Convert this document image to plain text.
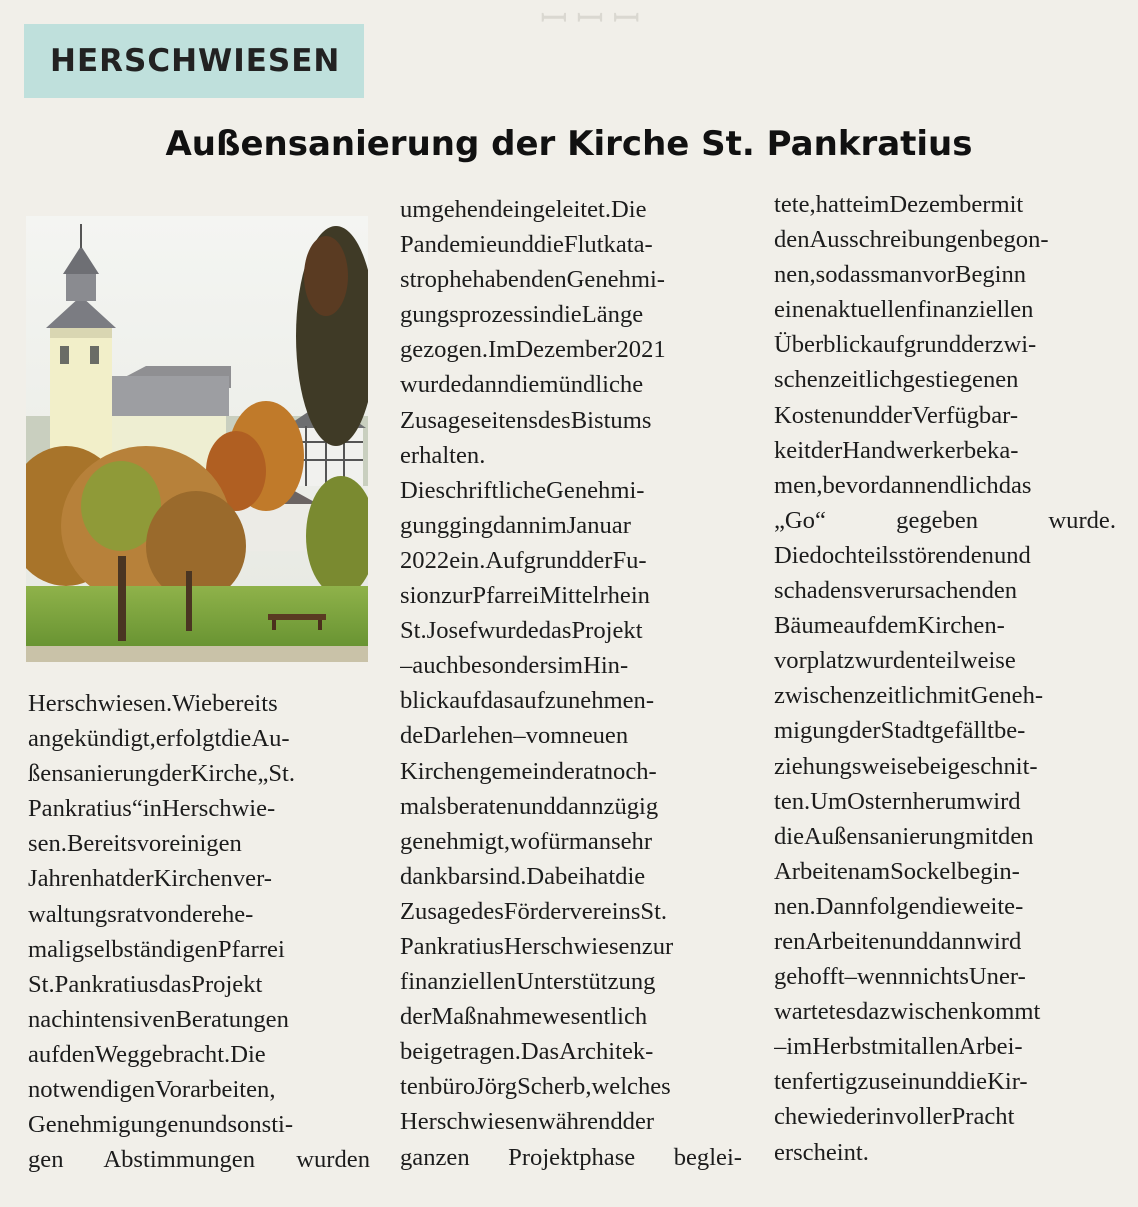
ꟷ ꟷ ꟷ
HERSCHWIESEN
Außensanierung der Kirche St. Pankratius
Herschwiesen.Wiebereits
angekündigt,erfolgtdieAu-
ßensanierungderKirche„St.
Pankratius“inHerschwie-
sen.Bereitsvoreinigen
JahrenhatderKirchenver-
waltungsratvonderehe-
maligselbständigenPfarrei
St.PankratiusdasProjekt
nachintensivenBeratungen
aufdenWeggebracht.Die
notwendigenVorarbeiten,
Genehmigungenundsonsti-
gen Abstimmungen wurden
umgehendeingeleitet.Die
PandemieunddieFlutkata-
strophehabendenGenehmi-
gungsprozessindieLänge
gezogen.ImDezember2021
wurdedanndiemündliche
ZusageseitensdesBistums
erhalten.
DieschriftlicheGenehmi-
gunggingdannimJanuar
2022ein.AufgrundderFu-
sionzurPfarreiMittelrhein
St.JosefwurdedasProjekt
–auchbesondersimHin-
blickaufdasaufzunehmen-
deDarlehen–vomneuen
Kirchengemeinderatnoch-
malsberatenunddannzügig
genehmigt,wofürmansehr
dankbarsind.Dabeihatdie
ZusagedesFördervereinsSt.
PankratiusHerschwiesenzur
finanziellenUnterstützung
derMaßnahmewesentlich
beigetragen.DasArchitek-
tenbüroJörgScherb,welches
Herschwiesenwährendder
ganzen Projektphase beglei-
tete,hatteimDezembermit
denAusschreibungenbegon-
nen,sodassmanvorBeginn
einenaktuellenfinanziellen
Überblickaufgrundderzwi-
schenzeitlichgestiegenen
KostenundderVerfügbar-
keitderHandwerkerbeka-
men,bevordannendlichdas
„Go“ gegeben wurde.
Diedochteilsstörendenund
schadensverursachenden
BäumeaufdemKirchen-
vorplatzwurdenteilweise
zwischenzeitlichmitGeneh-
migungderStadtgefälltbe-
ziehungsweisebeigeschnit-
ten.UmOsternherumwird
dieAußensanierungmitden
ArbeitenamSockelbegin-
nen.Dannfolgendieweite-
renArbeitenunddannwird
gehofft–wennnichtsUner-
wartetesdazwischenkommt
–imHerbstmitallenArbei-
tenfertigzuseinunddieKir-
chewiederinvollerPracht
erscheint.
